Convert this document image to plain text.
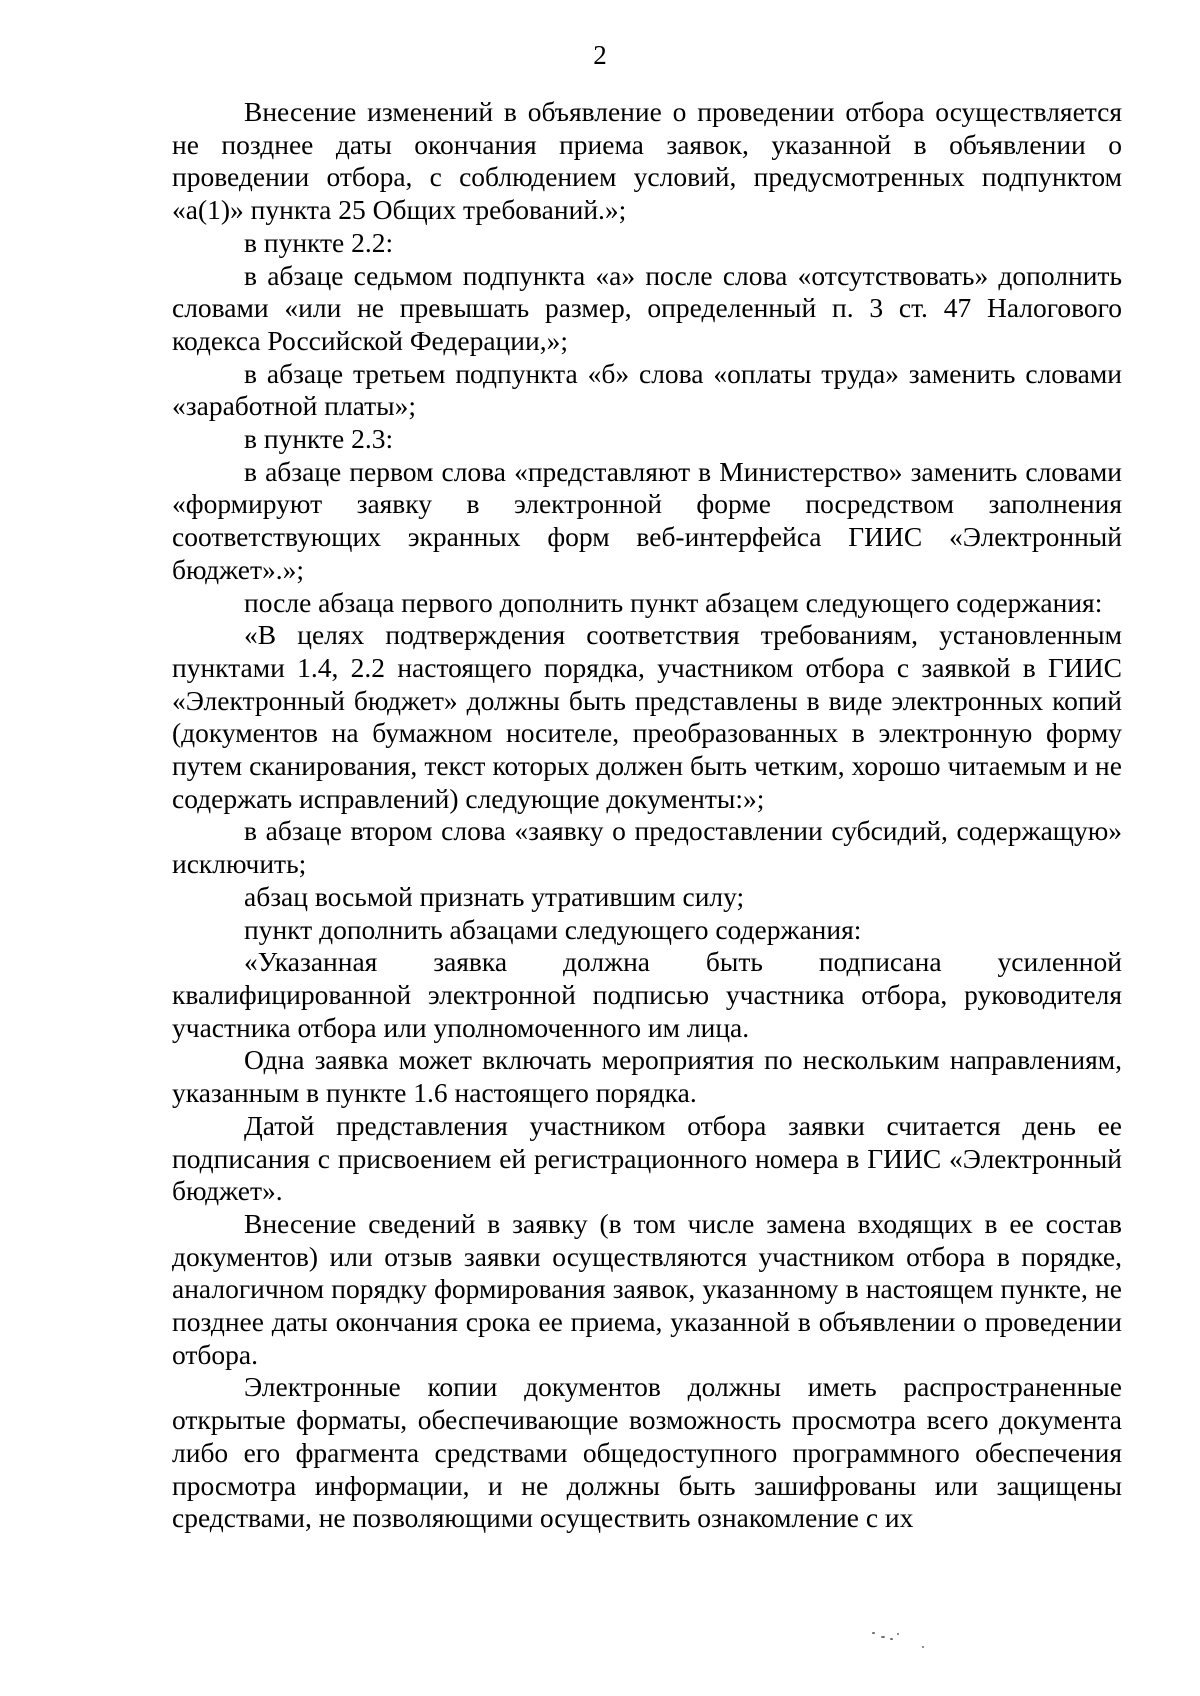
2

Внесение изменений в объявление о проведении отбора осуществляется не позднее даты окончания приема заявок, указанной в объявлении о проведении отбора, с соблюдением условий, предусмотренных подпунктом «а(1)» пункта 25 Общих требований.»;

в пункте 2.2:

в абзаце седьмом подпункта «а» после слова «отсутствовать» дополнить словами «или не превышать размер, определенный п. 3 ст. 47 Налогового кодекса Российской Федерации,»;

в абзаце третьем подпункта «б» слова «оплаты труда» заменить словами «заработной платы»;

в пункте 2.3:

в абзаце первом слова «представляют в Министерство» заменить словами «формируют заявку в электронной форме посредством заполнения соответствующих экранных форм веб-интерфейса ГИИС «Электронный бюджет».»;

после абзаца первого дополнить пункт абзацем следующего содержания:

«В целях подтверждения соответствия требованиям, установленным пунктами 1.4, 2.2 настоящего порядка, участником отбора с заявкой в ГИИС «Электронный бюджет» должны быть представлены в виде электронных копий (документов на бумажном носителе, преобразованных в электронную форму путем сканирования, текст которых должен быть четким, хорошо читаемым и не содержать исправлений) следующие документы:»;

в абзаце втором слова «заявку о предоставлении субсидий, содержащую» исключить;

абзац восьмой признать утратившим силу;

пункт дополнить абзацами следующего содержания:

«Указанная заявка должна быть подписана усиленной квалифицированной электронной подписью участника отбора, руководителя участника отбора или уполномоченного им лица.

Одна заявка может включать мероприятия по нескольким направлениям, указанным в пункте 1.6 настоящего порядка.

Датой представления участником отбора заявки считается день ее подписания с присвоением ей регистрационного номера в ГИИС «Электронный бюджет».

Внесение сведений в заявку (в том числе замена входящих в ее состав документов) или отзыв заявки осуществляются участником отбора в порядке, аналогичном порядку формирования заявок, указанному в настоящем пункте, не позднее даты окончания срока ее приема, указанной в объявлении о проведении отбора.

Электронные копии документов должны иметь распространенные открытые форматы, обеспечивающие возможность просмотра всего документа либо его фрагмента средствами общедоступного программного обеспечения просмотра информации, и не должны быть зашифрованы или защищены средствами, не позволяющими осуществить ознакомление с их
